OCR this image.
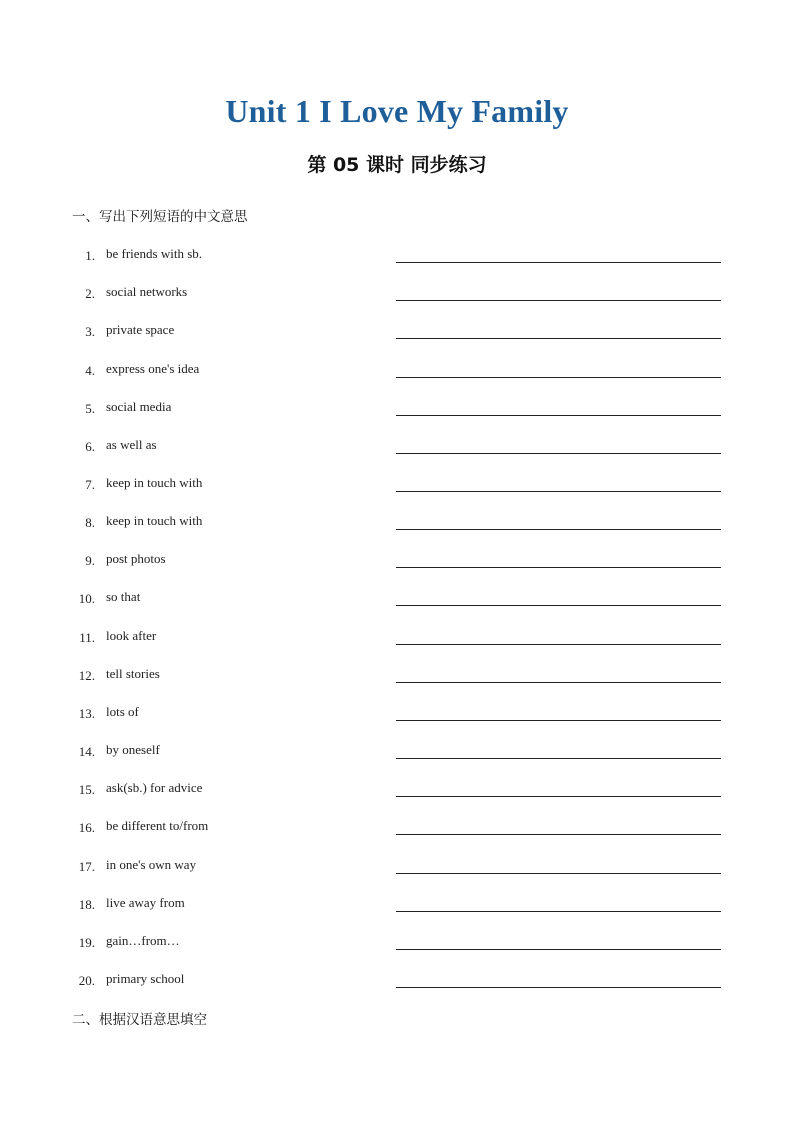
Unit 1 I Love My Family
第 05 课时 同步练习
一、写出下列短语的中文意思
1. be friends with sb.
2. social networks
3. private space
4. express one's idea
5. social media
6. as well as
7. keep in touch with
8. keep in touch with
9. post photos
10. so that
11. look after
12. tell stories
13. lots of
14. by oneself
15. ask(sb.) for advice
16. be different to/from
17. in one's own way
18. live away from
19. gain…from…
20. primary school
二、根据汉语意思填空
